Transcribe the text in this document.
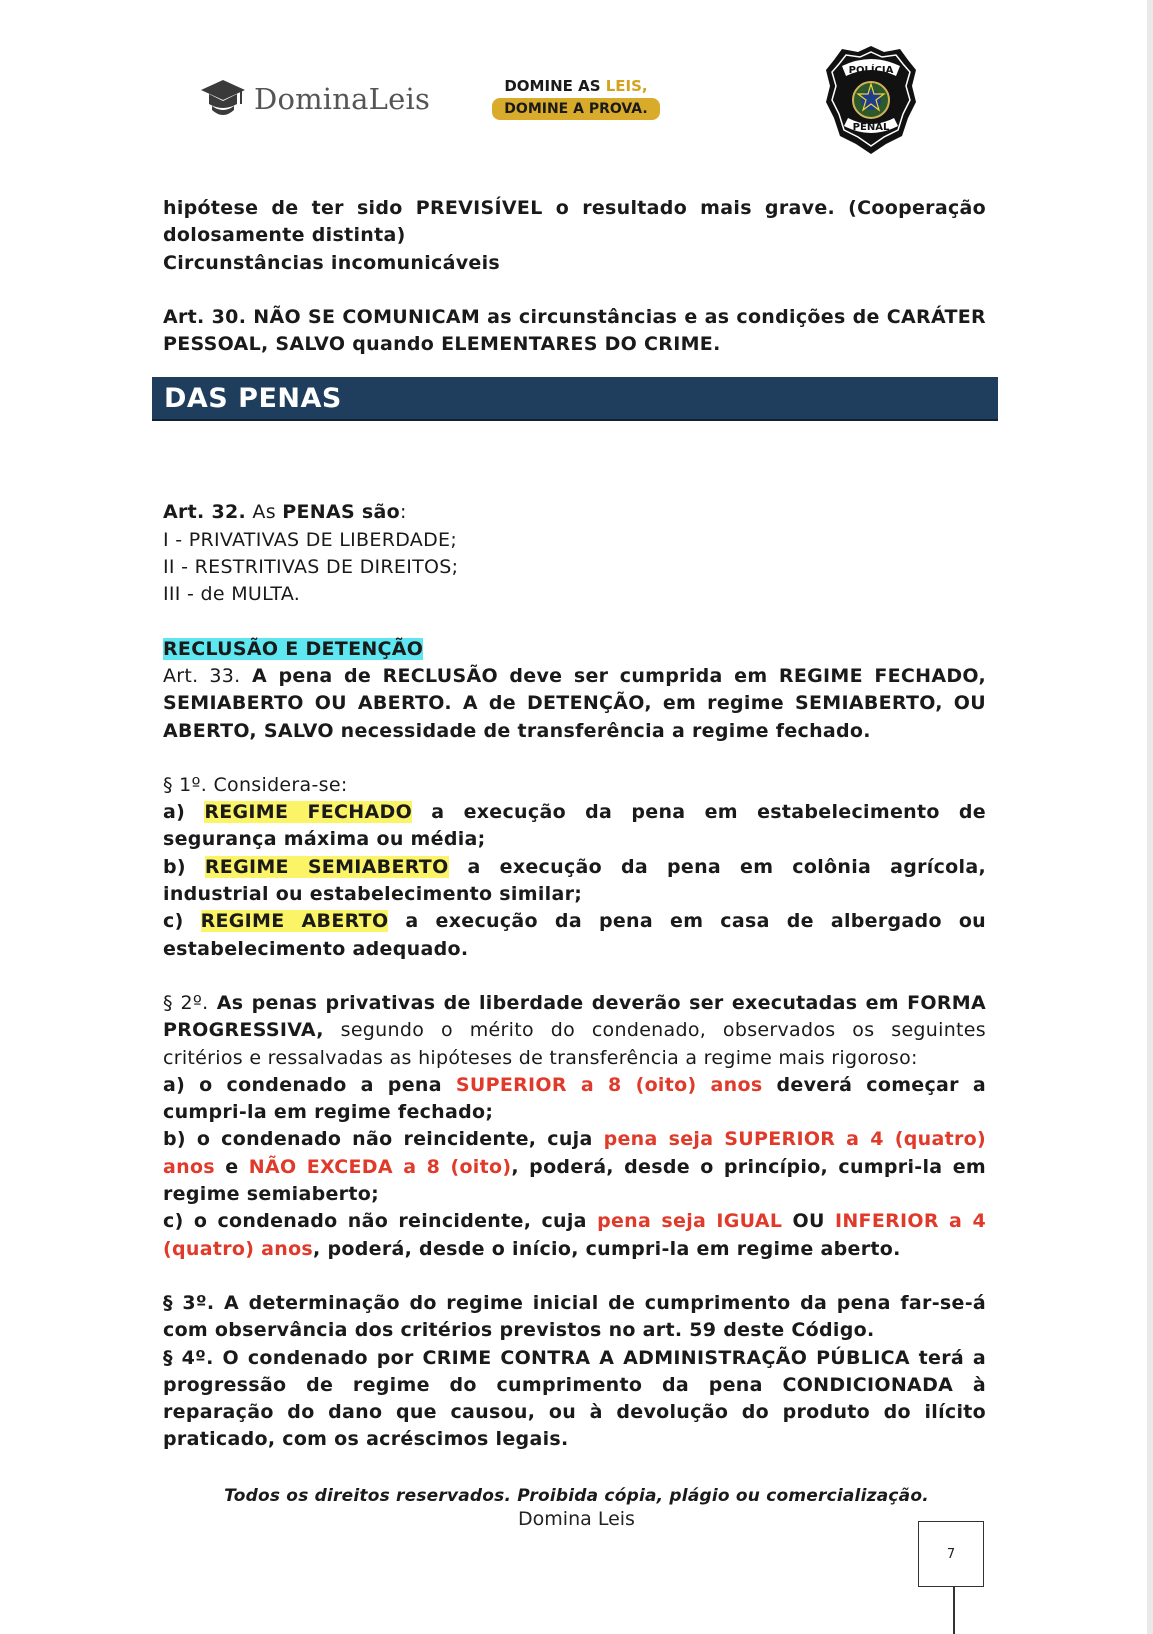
DominaLeis	DOMINE AS LEIS,
DOMINE A PROVA.
POLÍCIA
PENAL

hipótese de ter sido PREVISÍVEL o resultado mais grave. (Cooperação dolosamente distinta)

Circunstâncias incomunicáveis

Art. 30. NÃO SE COMUNICAM as circunstâncias e as condições de CARÁTER PESSOAL, SALVO quando ELEMENTARES DO CRIME.

Art. 32. As PENAS são:

I - PRIVATIVAS DE LIBERDADE;

II - RESTRITIVAS DE DIREITOS;

III - de MULTA.

RECLUSÃO E DETENÇÃO

Art. 33. A pena de RECLUSÃO deve ser cumprida em REGIME FECHADO, SEMIABERTO OU ABERTO. A de DETENÇÃO, em regime SEMIABERTO, OU ABERTO, SALVO necessidade de transferência a regime fechado.

§ 1º. Considera-se:

a) REGIME FECHADO a execução da pena em estabelecimento de segurança máxima ou média;

b) REGIME SEMIABERTO a execução da pena em colônia agrícola, industrial ou estabelecimento similar;

c) REGIME ABERTO a execução da pena em casa de albergado ou estabelecimento adequado.

§ 2º. As penas privativas de liberdade deverão ser executadas em FORMA PROGRESSIVA, segundo o mérito do condenado, observados os seguintes critérios e ressalvadas as hipóteses de transferência a regime mais rigoroso:

a) o condenado a pena SUPERIOR a 8 (oito) anos deverá começar a cumpri-la em regime fechado;

b) o condenado não reincidente, cuja pena seja SUPERIOR a 4 (quatro) anos e NÃO EXCEDA a 8 (oito), poderá, desde o princípio, cumpri-la em regime semiaberto;

c) o condenado não reincidente, cuja pena seja IGUAL OU INFERIOR a 4 (quatro) anos, poderá, desde o início, cumpri-la em regime aberto.

§ 3º. A determinação do regime inicial de cumprimento da pena far-se-á com observância dos critérios previstos no art. 59 deste Código.

§ 4º. O condenado por CRIME CONTRA A ADMINISTRAÇÃO PÚBLICA terá a progressão de regime do cumprimento da pena CONDICIONADA à reparação do dano que causou, ou à devolução do produto do ilícito praticado, com os acréscimos legais.

DAS PENAS
Todos os direitos reservados. Proibida cópia, plágio ou comercialização.
Domina Leis
7
